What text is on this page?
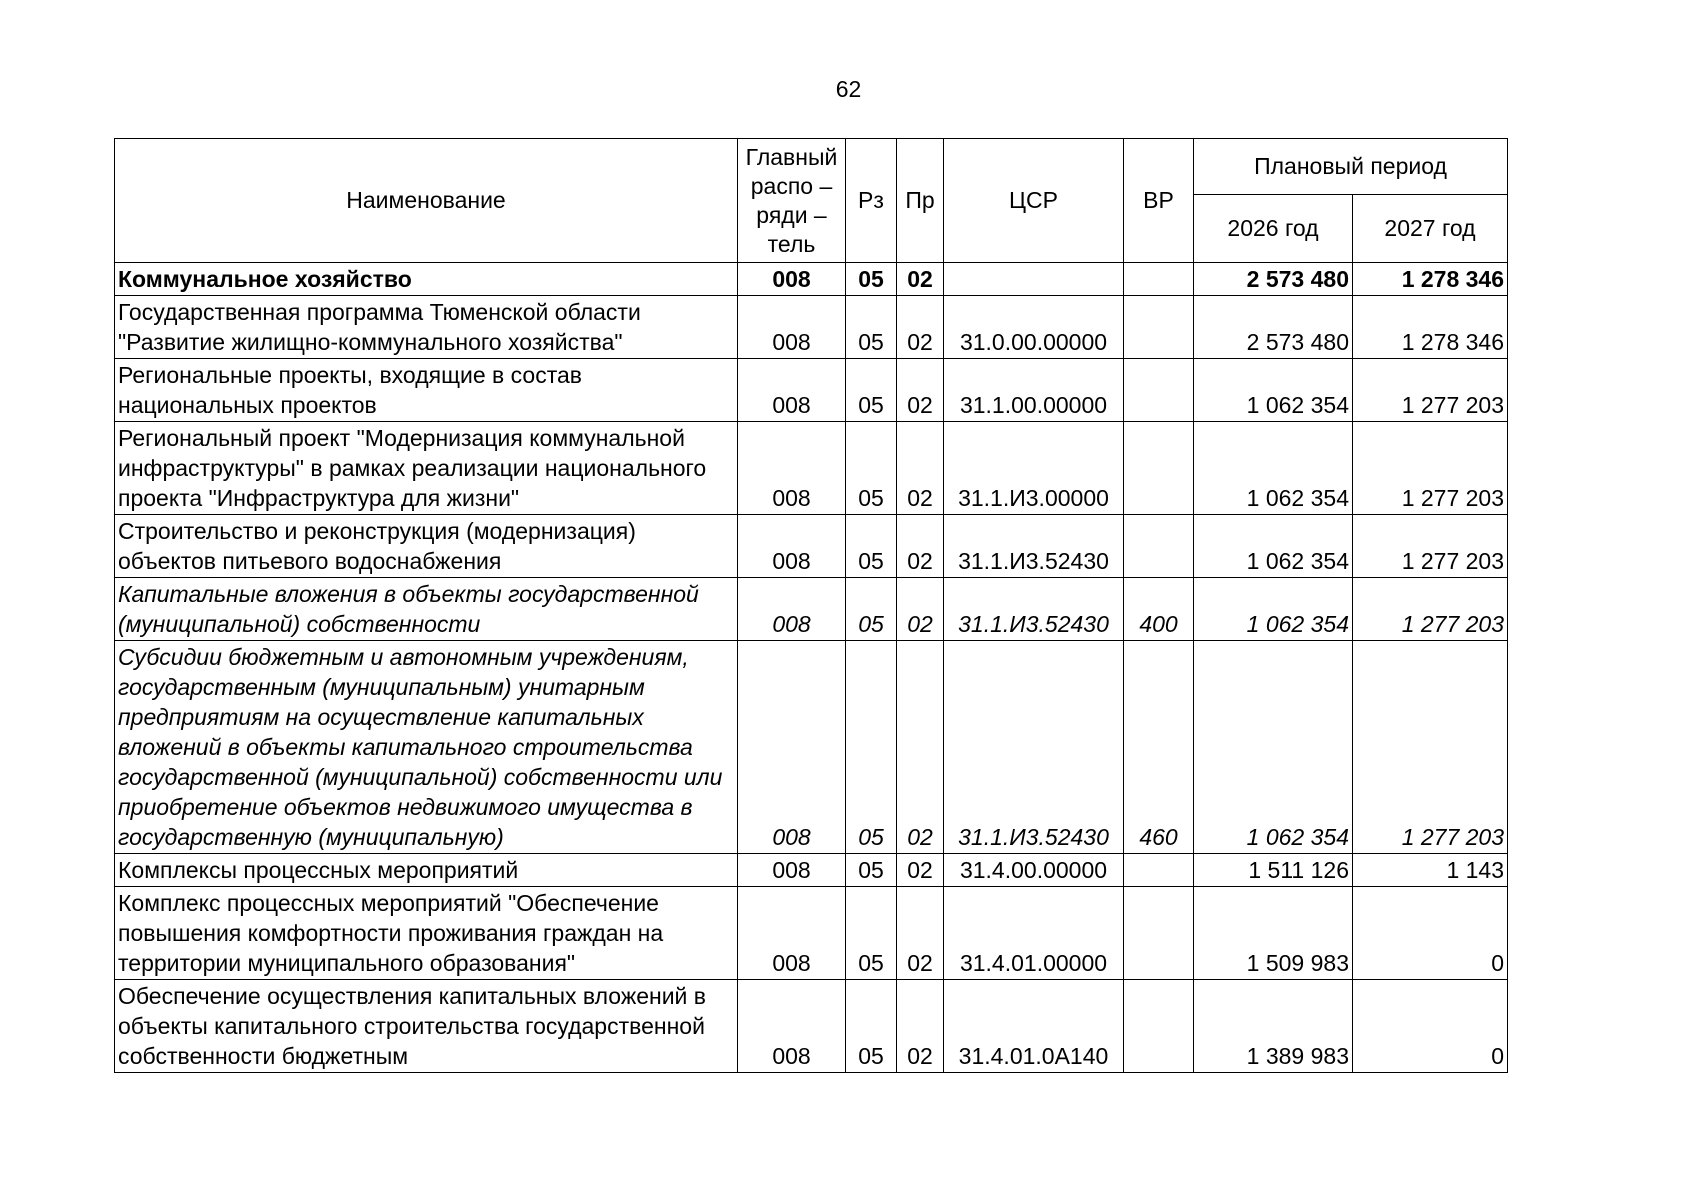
62
Наименование	Главный распо – ряди – тель	Рз	Пр	ЦСР	ВР	Плановый период	
						2026 год	2027 год
Коммунальное хозяйство	008	05	02			2 573 480	1 278 346
Государственная программа Тюменской области "Развитие жилищно-коммунального хозяйства"	008	05	02	31.0.00.00000		2 573 480	1 278 346
Региональные проекты, входящие в состав национальных проектов	008	05	02	31.1.00.00000		1 062 354	1 277 203
Региональный проект "Модернизация коммунальной инфраструктуры" в рамках реализации национального проекта "Инфраструктура для жизни"	008	05	02	31.1.И3.00000		1 062 354	1 277 203
Строительство и реконструкция (модернизация) объектов питьевого водоснабжения	008	05	02	31.1.И3.52430		1 062 354	1 277 203
Капитальные вложения в объекты государственной (муниципальной) собственности	008	05	02	31.1.И3.52430	400	1 062 354	1 277 203
Субсидии бюджетным и автономным учреждениям, государственным (муниципальным) унитарным предприятиям на осуществление капитальных вложений в объекты капитального строительства государственной (муниципальной) собственности или приобретение объектов недвижимого имущества в государственную (муниципальную)	008	05	02	31.1.И3.52430	460	1 062 354	1 277 203
Комплексы процессных мероприятий	008	05	02	31.4.00.00000		1 511 126	1 143
Комплекс процессных мероприятий "Обеспечение повышения комфортности проживания граждан на территории муниципального образования"	008	05	02	31.4.01.00000		1 509 983	0
Обеспечение осуществления капитальных вложений в объекты капитального строительства государственной собственности бюджетным	008	05	02	31.4.01.0А140		1 389 983	0
